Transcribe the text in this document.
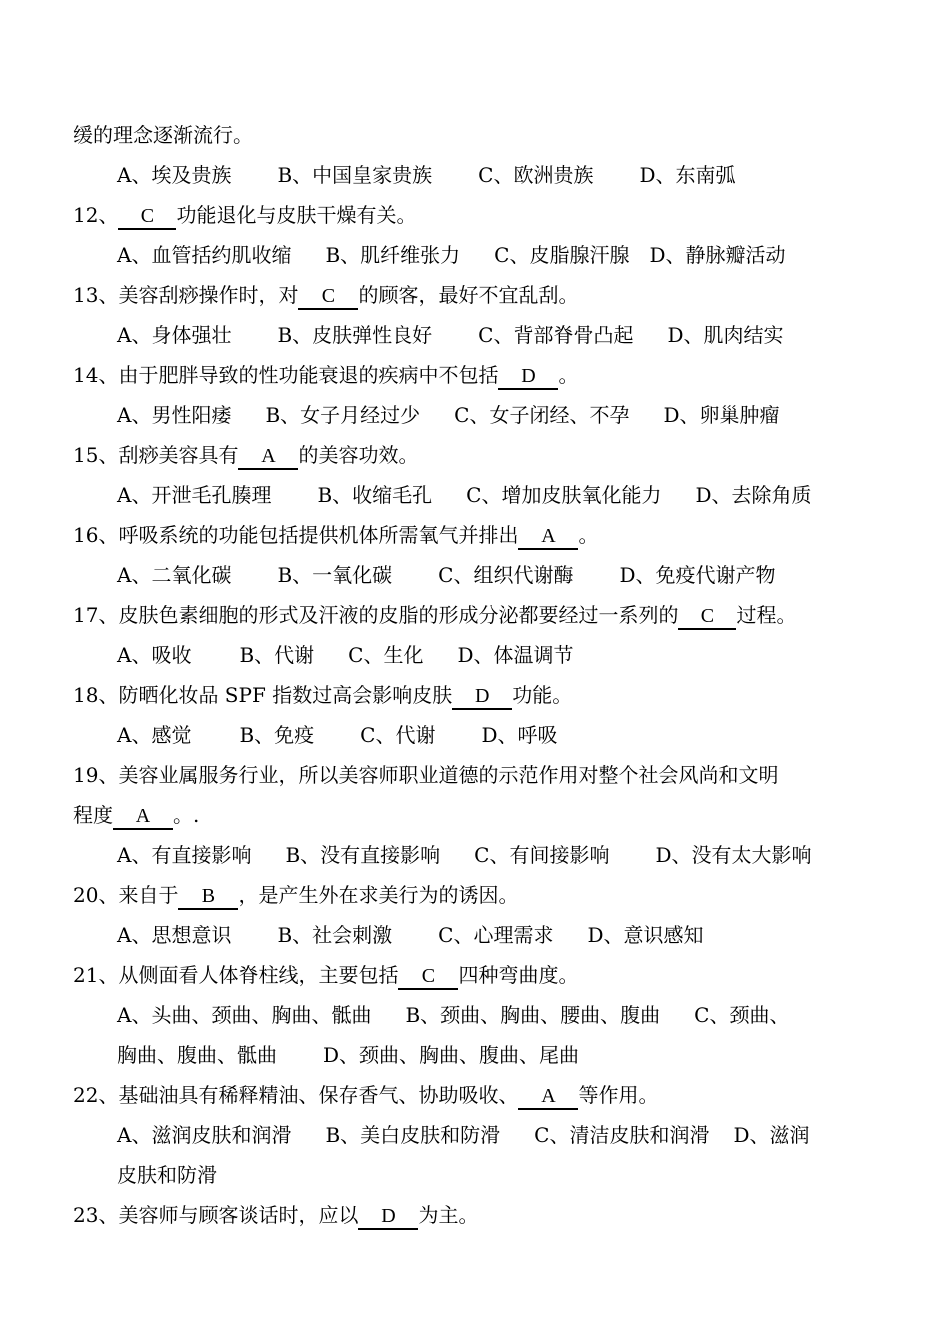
缓的理念逐渐流行。
A、埃及贵族 B、中国皇家贵族 C、欧洲贵族 D、东南弧
12、 C 功能退化与皮肤干燥有关。
A、血管括约肌收缩 B、肌纤维张力 C、皮脂腺汗腺 D、静脉瓣活动
13、美容刮痧操作时，对 C 的顾客，最好不宜乱刮。
A、身体强壮 B、皮肤弹性良好 C、背部脊骨凸起 D、肌肉结实
14、由于肥胖导致的性功能衰退的疾病中不包括 D 。
A、男性阳痿 B、女子月经过少 C、女子闭经、不孕 D、卵巢肿瘤
15、刮痧美容具有 A 的美容功效。
A、开泄毛孔腠理 B、收缩毛孔 C、增加皮肤氧化能力 D、去除角质
16、呼吸系统的功能包括提供机体所需氧气并排出 A 。
A、二氧化碳 B、一氧化碳 C、组织代谢酶 D、免疫代谢产物
17、皮肤色素细胞的形式及汗液的皮脂的形成分泌都要经过一系列的 C 过程。
A、吸收 B、代谢 C、生化 D、体温调节
18、防晒化妆品 SPF 指数过高会影响皮肤 D 功能。
A、感觉 B、免疫 C、代谢 D、呼吸
19、美容业属服务行业，所以美容师职业道德的示范作用对整个社会风尚和文明
程度 A 。.
A、有直接影响 B、没有直接影响 C、有间接影响 D、没有太大影响
20、来自于 B ，是产生外在求美行为的诱因。
A、思想意识 B、社会刺激 C、心理需求 D、意识感知
21、从侧面看人体脊柱线，主要包括 C 四种弯曲度。
A、头曲、颈曲、胸曲、骶曲 B、颈曲、胸曲、腰曲、腹曲 C、颈曲、
胸曲、腹曲、骶曲 D、颈曲、胸曲、腹曲、尾曲
22、基础油具有稀释精油、保存香气、协助吸收、 A 等作用。
A、滋润皮肤和润滑 B、美白皮肤和防滑 C、清洁皮肤和润滑 D、滋润
皮肤和防滑
23、美容师与顾客谈话时，应以 D 为主。
